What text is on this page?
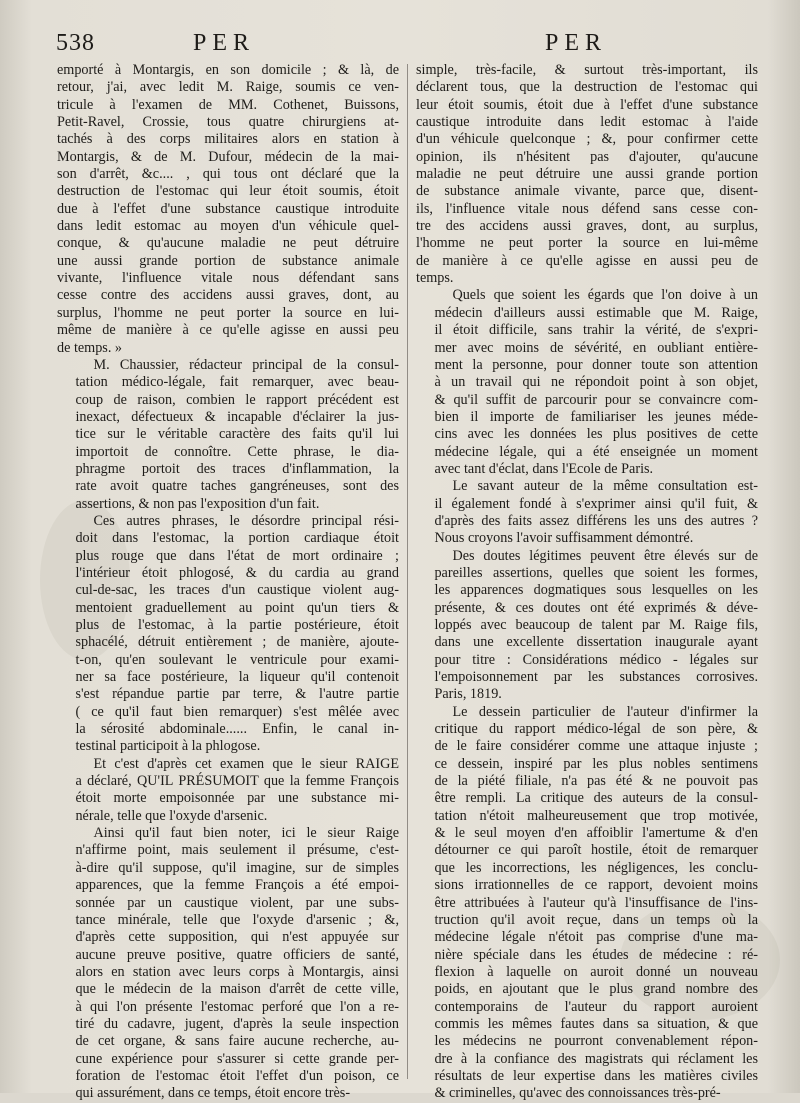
538	PER	PER
emporté à Montargis, en son domicile ; & là, de
retour, j'ai, avec ledit M. Raige, soumis ce ven-
tricule à l'examen de MM. Cothenet, Buissons,
Petit-Ravel, Crossie, tous quatre chirurgiens at-
tachés à des corps militaires alors en station à
Montargis, & de M. Dufour, médecin de la mai-
son d'arrêt, &c.... , qui tous ont déclaré que la
destruction de l'estomac qui leur étoit soumis, étoit
due à l'effet d'une substance caustique introduite
dans ledit estomac au moyen d'un véhicule quel-
conque, & qu'aucune maladie ne peut détruire
une aussi grande portion de substance animale
vivante, l'influence vitale nous défendant sans
cesse contre des accidens aussi graves, dont, au
surplus, l'homme ne peut porter la source en lui-
même de manière à ce qu'elle agisse en aussi peu
de temps. »
M. Chaussier, rédacteur principal de la consul-
tation médico-légale, fait remarquer, avec beau-
coup de raison, combien le rapport précédent est
inexact, défectueux & incapable d'éclairer la jus-
tice sur le véritable caractère des faits qu'il lui
importoit de connoître. Cette phrase, le dia-
phragme portoit des traces d'inflammation, la
rate avoit quatre taches gangréneuses, sont des
assertions, & non pas l'exposition d'un fait.
Ces autres phrases, le désordre principal rési-
doit dans l'estomac, la portion cardiaque étoit
plus rouge que dans l'état de mort ordinaire ;
l'intérieur étoit phlogosé, & du cardia au grand
cul-de-sac, les traces d'un caustique violent aug-
mentoient graduellement au point qu'un tiers &
plus de l'estomac, à la partie postérieure, étoit
sphacélé, détruit entièrement ; de manière, ajoute-
t-on, qu'en soulevant le ventricule pour exami-
ner sa face postérieure, la liqueur qu'il contenoit
s'est répandue partie par terre, & l'autre partie
( ce qu'il faut bien remarquer) s'est mêlée avec
la sérosité abdominale...... Enfin, le canal in-
testinal participoit à la phlogose.
Et c'est d'après cet examen que le sieur RAIGE
a déclaré, QU'IL PRÉSUMOIT que la femme François
étoit morte empoisonnée par une substance mi-
nérale, telle que l'oxyde d'arsenic.
Ainsi qu'il faut bien noter, ici le sieur Raige
n'affirme point, mais seulement il présume, c'est-
à-dire qu'il suppose, qu'il imagine, sur de simples
apparences, que la femme François a été empoi-
sonnée par un caustique violent, par une subs-
tance minérale, telle que l'oxyde d'arsenic ; &,
d'après cette supposition, qui n'est appuyée sur
aucune preuve positive, quatre officiers de santé,
alors en station avec leurs corps à Montargis, ainsi
que le médecin de la maison d'arrêt de cette ville,
à qui l'on présente l'estomac perforé que l'on a re-
tiré du cadavre, jugent, d'après la seule inspection
de cet organe, & sans faire aucune recherche, au-
cune expérience pour s'assurer si cette grande per-
foration de l'estomac étoit l'effet d'un poison, ce
qui assurément, dans ce temps, étoit encore très-
simple, très-facile, & surtout très-important, ils
déclarent tous, que la destruction de l'estomac qui
leur étoit soumis, étoit due à l'effet d'une substance
caustique introduite dans ledit estomac à l'aide
d'un véhicule quelconque ; &, pour confirmer cette
opinion, ils n'hésitent pas d'ajouter, qu'aucune
maladie ne peut détruire une aussi grande portion
de substance animale vivante, parce que, disent-
ils, l'influence vitale nous défend sans cesse con-
tre des accidens aussi graves, dont, au surplus,
l'homme ne peut porter la source en lui-même
de manière à ce qu'elle agisse en aussi peu de
temps.
Quels que soient les égards que l'on doive à un
médecin d'ailleurs aussi estimable que M. Raige,
il étoit difficile, sans trahir la vérité, de s'expri-
mer avec moins de sévérité, en oubliant entière-
ment la personne, pour donner toute son attention
à un travail qui ne répondoit point à son objet,
& qu'il suffit de parcourir pour se convaincre com-
bien il importe de familiariser les jeunes méde-
cins avec les données les plus positives de cette
médecine légale, qui a été enseignée un moment
avec tant d'éclat, dans l'Ecole de Paris.
Le savant auteur de la même consultation est-
il également fondé à s'exprimer ainsi qu'il fuit, &
d'après des faits assez différens les uns des autres ?
Nous croyons l'avoir suffisamment démontré.
Des doutes légitimes peuvent être élevés sur de
pareilles assertions, quelles que soient les formes,
les apparences dogmatiques sous lesquelles on les
présente, & ces doutes ont été exprimés & déve-
loppés avec beaucoup de talent par M. Raige fils,
dans une excellente dissertation inaugurale ayant
pour titre : Considérations médico - légales sur
l'empoisonnement par les substances corrosives.
Paris, 1819.
Le dessein particulier de l'auteur d'infirmer la
critique du rapport médico-légal de son père, &
de le faire considérer comme une attaque injuste ;
ce dessein, inspiré par les plus nobles sentimens
de la piété filiale, n'a pas été & ne pouvoit pas
être rempli. La critique des auteurs de la consul-
tation n'étoit malheureusement que trop motivée,
& le seul moyen d'en affoiblir l'amertume & d'en
détourner ce qui paroît hostile, étoit de remarquer
que les incorrections, les négligences, les conclu-
sions irrationnelles de ce rapport, devoient moins
être attribuées à l'auteur qu'à l'insuffisance de l'ins-
truction qu'il avoit reçue, dans un temps où la
médecine légale n'étoit pas comprise d'une ma-
nière spéciale dans les études de médecine : ré-
flexion à laquelle on auroit donné un nouveau
poids, en ajoutant que le plus grand nombre des
contemporains de l'auteur du rapport auroient
commis les mêmes fautes dans sa situation, & que
les médecins ne pourront convenablement répon-
dre à la confiance des magistrats qui réclament les
résultats de leur expertise dans les matières civiles
& criminelles, qu'avec des connoissances très-pré-
